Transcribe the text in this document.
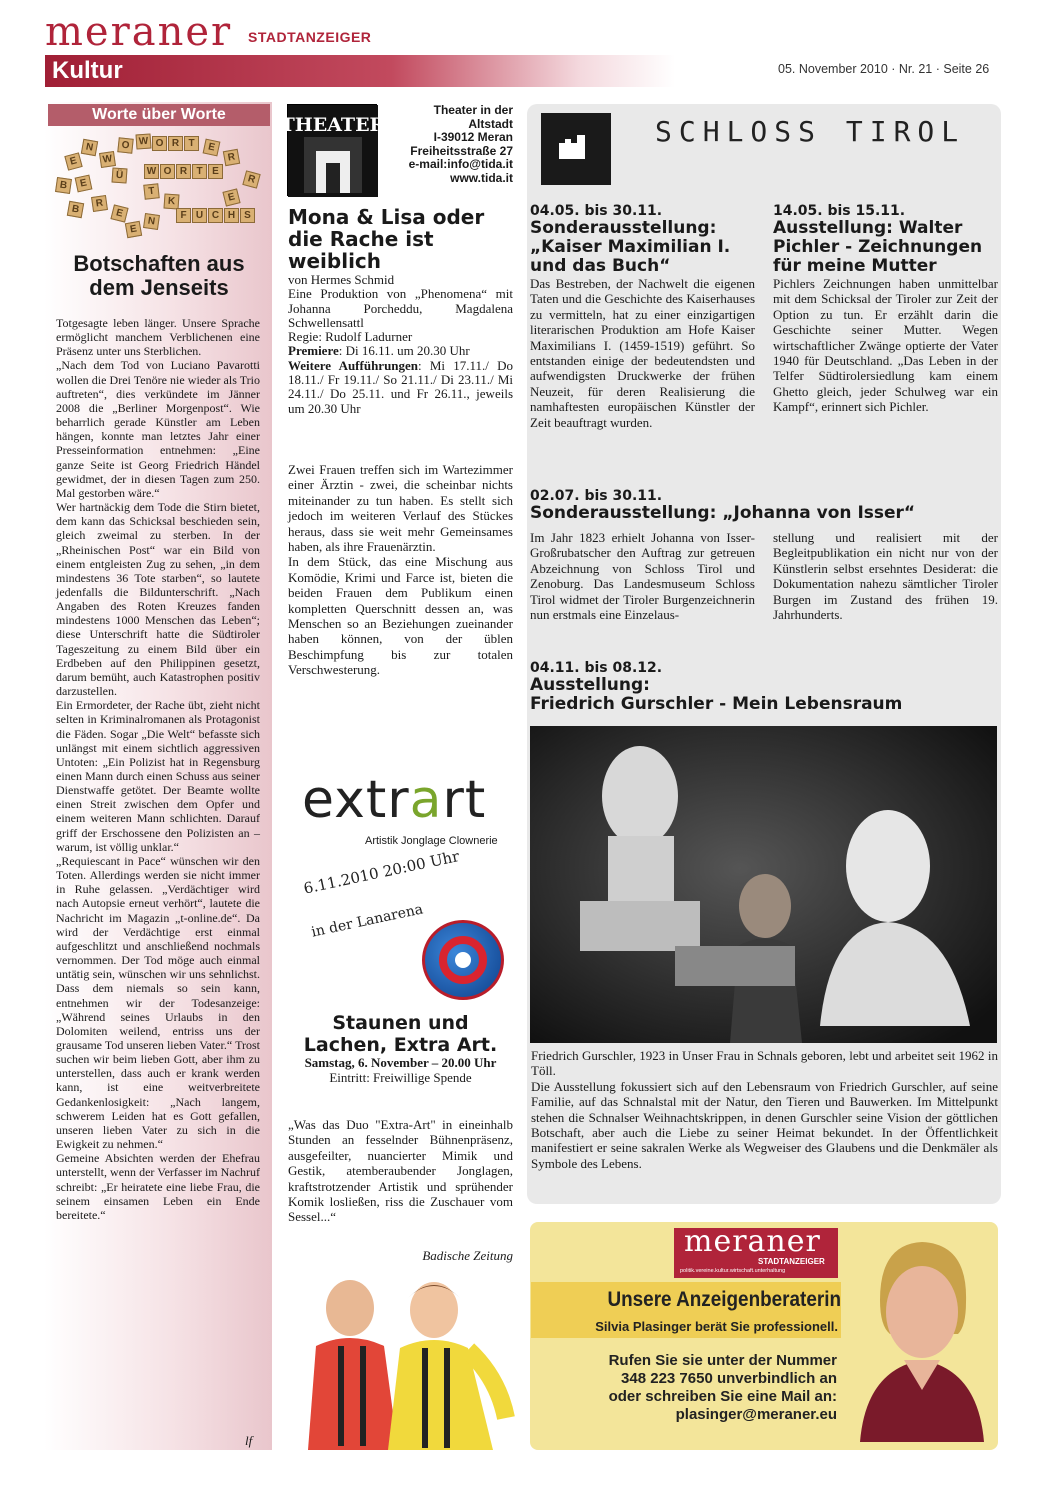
meraner STADTANZEIGER
Kultur	05. November 2010 · Nr. 21 · Seite 26
Worte über Worte
E
N
W
O W O R T	E
R
B	E
Ü	W O R T E
R
T
B	R
E
K	E
F U C H S
E
N
Botschaften aus dem Jenseits

Totgesagte leben länger. Unsere Sprache ermöglicht manchem Verblichenen eine Präsenz unter uns Sterblichen.

„Nach dem Tod von Luciano Pavarotti wollen die Drei Tenöre nie wieder als Trio auftreten“, dies verkündete im Jänner 2008 die „Berliner Morgenpost“. Wie beharrlich gerade Künstler am Leben hängen, konnte man letztes Jahr einer Presseinformation entnehmen: „Eine ganze Seite ist Georg Friedrich Händel gewidmet, der in diesen Tagen zum 250. Mal gestorben wäre.“

Wer hartnäckig dem Tode die Stirn bietet, dem kann das Schicksal beschieden sein, gleich zweimal zu sterben. In der „Rheinischen Post“ war ein Bild von einem entgleisten Zug zu sehen, „in dem mindestens 36 Tote starben“, so lautete jedenfalls die Bildunterschrift. „Nach Angaben des Roten Kreuzes fanden mindestens 1000 Menschen das Leben“; diese Unterschrift hatte die Südtiroler Tageszeitung zu einem Bild über ein Erdbeben auf den Philippinen gesetzt, darum bemüht, auch Katastrophen positiv darzustellen.

Ein Ermordeter, der Rache übt, zieht nicht selten in Kriminalromanen als Protagonist die Fäden. Sogar „Die Welt“ befasste sich unlängst mit einem sichtlich aggressiven Untoten: „Ein Polizist hat in Regensburg einen Mann durch einen Schuss aus seiner Dienstwaffe getötet. Der Beamte wollte einen Streit zwischen dem Opfer und einem weiteren Mann schlichten. Darauf griff der Erschossene den Polizisten an – warum, ist völlig unklar.“

„Requiescant in Pace“ wünschen wir den Toten. Allerdings werden sie nicht immer in Ruhe gelassen. „Verdächtiger wird nach Autopsie erneut verhört“, lautete die Nachricht im Magazin „t-online.de“. Da wird der Verdächtige erst einmal aufgeschlitzt und anschließend nochmals vernommen. Der Tod möge auch einmal untätig sein, wünschen wir uns sehnlichst. Dass dem niemals so sein kann, entnehmen wir der Todesanzeige: „Während seines Urlaubs in den Dolomiten weilend, entriss uns der grausame Tod unseren lieben Vater.“ Trost suchen wir beim lieben Gott, aber ihm zu unterstellen, dass auch er krank werden kann, ist eine weitverbreitete Gedankenlosigkeit: „Nach langem, schwerem Leiden hat es Gott gefallen, unseren lieben Vater zu sich in die Ewigkeit zu nehmen.“

Gemeine Absichten werden der Ehefrau unterstellt, wenn der Verfasser im Nachruf schreibt: „Er heiratete eine liebe Frau, die seinem einsamen Leben ein Ende bereitete.“

lf
THEATER
Theater in der Altstadt
I-39012 Meran
Freiheitsstraße 27
e-mail:info@tida.it
www.tida.it
Mona & Lisa oder die Rache ist weiblich
von Hermes Schmid
Eine Produktion von „Phenomena“ mit Johanna Porcheddu, Magdalena Schwellensattl
Regie: Rudolf Ladurner
Premiere: Di 16.11. um 20.30 Uhr
Weitere Aufführungen: Mi 17.11./ Do 18.11./ Fr 19.11./ So 21.11./ Di 23.11./ Mi 24.11./ Do 25.11. und Fr 26.11., jeweils um 20.30 Uhr

Zwei Frauen treffen sich im Wartezimmer einer Ärztin - zwei, die scheinbar nichts miteinander zu tun haben. Es stellt sich jedoch im weiteren Verlauf des Stückes heraus, dass sie weit mehr Gemeinsames haben, als ihre Frauenärztin.

In dem Stück, das eine Mischung aus Komödie, Krimi und Farce ist, bieten die beiden Frauen dem Publikum einen kompletten Querschnitt dessen an, was Menschen so an Beziehungen zueinander haben können, von der üblen Beschimpfung bis zur totalen Verschwesterung.

extrart
Artistik Jonglage Clownerie
6.11.2010 20:00 Uhr
in der Lanarena
Staunen und Lachen, Extra Art.
Samstag, 6. November – 20.00 Uhr
Eintritt: Freiwillige Spende
„Was das Duo "Extra-Art" in eineinhalb Stunden an fesselnder Bühnenpräsenz, ausgefeilter, nuancierter Mimik und Gestik, atemberaubender Jonglagen, kraftstrotzender Artistik und sprühender Komik losließen, riss die Zuschauer vom Sessel...“
Badische Zeitung
SCHLOSS TIROL
04.05. bis 30.11.
Sonderausstellung: „Kaiser Maximilian I. und das Buch“
Das Bestreben, der Nachwelt die eigenen Taten und die Geschichte des Kaiserhauses zu vermitteln, hat zu einer einzigartigen literarischen Produktion am Hofe Kaiser Maximilians I. (1459-1519) geführt. So entstanden einige der bedeutendsten und aufwendigsten Druckwerke der frühen Neuzeit, für deren Realisierung die namhaftesten europäischen Künstler der Zeit beauftragt wurden.
14.05. bis 15.11.
Ausstellung: Walter Pichler - Zeichnungen für meine Mutter
Pichlers Zeichnungen haben unmittelbar mit dem Schicksal der Tiroler zur Zeit der Option zu tun. Er erzählt darin die Geschichte seiner Mutter. Wegen wirtschaftlicher Zwänge optierte der Vater 1940 für Deutschland. „Das Leben in der Telfer Südtirolersiedlung kam einem Ghetto gleich, jeder Schulweg war ein Kampf“, erinnert sich Pichler.
02.07. bis 30.11.
Sonderausstellung: „Johanna von Isser“
Im Jahr 1823 erhielt Johanna von Isser-Großrubatscher den Auftrag zur getreuen Abzeichnung von Schloss Tirol und Zenoburg. Das Landesmuseum Schloss Tirol widmet der Tiroler Burgenzeichnerin nun erstmals eine Einzelaus-
stellung und realisiert mit der Begleitpublikation ein nicht nur von der Künstlerin selbst ersehntes Desiderat: die Dokumentation nahezu sämtlicher Tiroler Burgen im Zustand des frühen 19. Jahrhunderts.
04.11. bis 08.12.
Ausstellung:
Friedrich Gurschler - Mein Lebensraum

Friedrich Gurschler, 1923 in Unser Frau in Schnals geboren, lebt und arbeitet seit 1962 in Töll.

Die Ausstellung fokussiert sich auf den Lebensraum von Friedrich Gurschler, auf seine Familie, auf das Schnalstal mit der Natur, den Tieren und Bauwerken. Im Mittelpunkt stehen die Schnalser Weihnachtskrippen, in denen Gurschler seine Vision der göttlichen Botschaft, aber auch die Liebe zu seiner Heimat bekundet. In der Öffentlichkeit manifestiert er seine sakralen Werke als Wegweiser des Glaubens und die Denkmäler als Symbole des Lebens.

meraner
STADTANZEIGER
politik.vereine.kultur.wirtschaft.unterhaltung
Unsere Anzeigenberaterin
Silvia Plasinger berät Sie professionell.
Rufen Sie sie unter der Nummer
348 223 7650 unverbindlich an
oder schreiben Sie eine Mail an:
plasinger@meraner.eu
